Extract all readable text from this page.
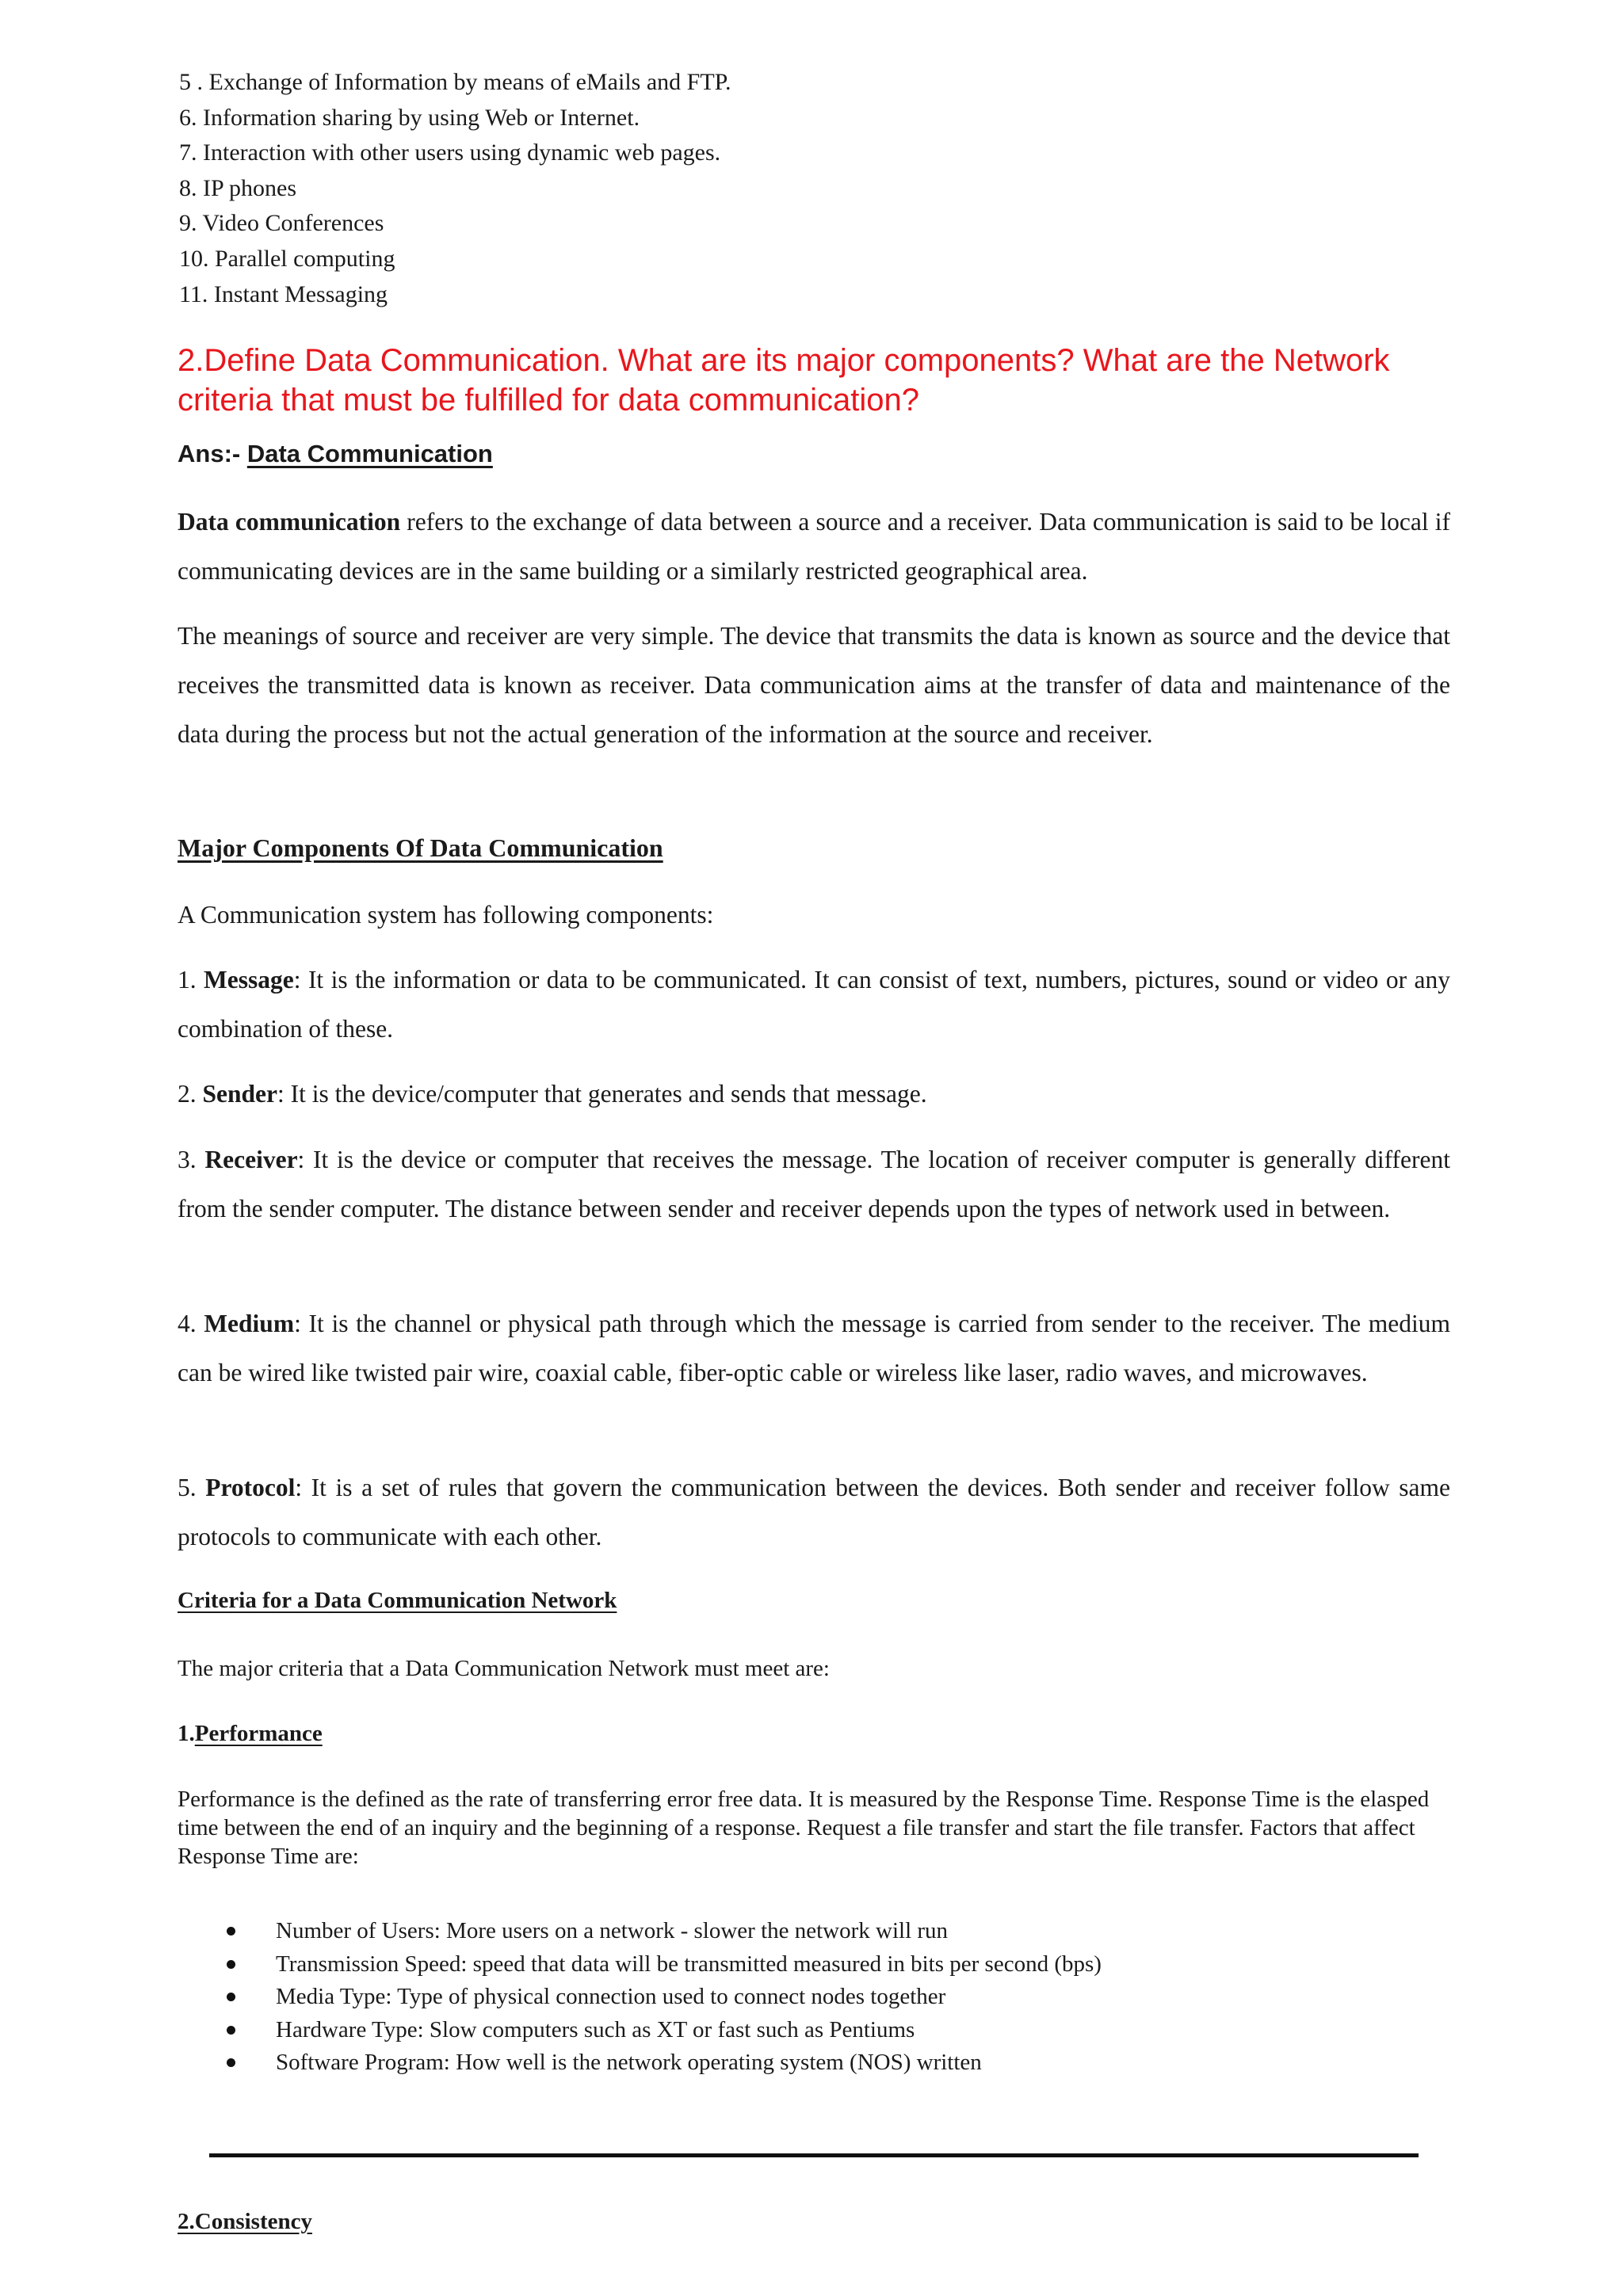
5 . Exchange of Information by means of eMails and FTP.
6. Information sharing by using Web or Internet.
7. Interaction with other users using dynamic web pages.
8. IP phones
9. Video Conferences
10. Parallel computing
11. Instant Messaging
2.Define Data Communication. What are its major components? What are the Network criteria that must be fulfilled for data communication?
Ans:- Data Communication
Data communication refers to the exchange of data between a source and a receiver. Data communication is said to be local if communicating devices are in the same building or a similarly restricted geographical area.
The meanings of source and receiver are very simple. The device that transmits the data is known as source and the device that receives the transmitted data is known as receiver. Data communication aims at the transfer of data and maintenance of the data during the process but not the actual generation of the information at the source and receiver.
Major Components Of Data Communication
A Communication system has following components:
1. Message: It is the information or data to be communicated. It can consist of text, numbers, pictures, sound or video or any combination of these.
2. Sender: It is the device/computer that generates and sends that message.
3. Receiver: It is the device or computer that receives the message. The location of receiver computer is generally different from the sender computer. The distance between sender and receiver depends upon the types of network used in between.
4. Medium: It is the channel or physical path through which the message is carried from sender to the receiver. The medium can be wired like twisted pair wire, coaxial cable, fiber-optic cable or wireless like laser, radio waves, and microwaves.
5. Protocol: It is a set of rules that govern the communication between the devices. Both sender and receiver follow same protocols to communicate with each other.
Criteria for a Data Communication Network
The major criteria that a Data Communication Network must meet are:
1.Performance
Performance is the defined as the rate of transferring error free data. It is measured by the Response Time. Response Time is the elasped time between the end of an inquiry and the beginning of a response. Request a file transfer and start the file transfer. Factors that affect Response Time are:
Number of Users: More users on a network - slower the network will run
Transmission Speed: speed that data will be transmitted measured in bits per second (bps)
Media Type: Type of physical connection used to connect nodes together
Hardware Type: Slow computers such as XT or fast such as Pentiums
Software Program: How well is the network operating system (NOS) written
2.Consistency
